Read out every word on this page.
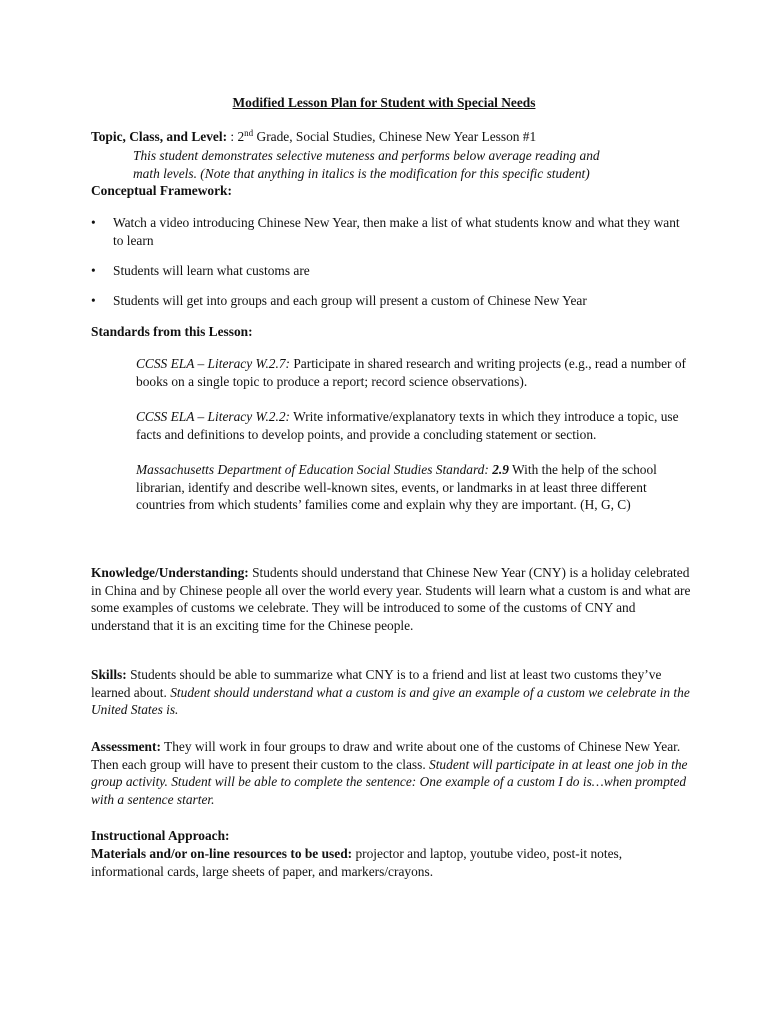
Modified Lesson Plan for Student with Special Needs
Topic, Class, and Level: : 2nd Grade, Social Studies, Chinese New Year Lesson #1
This student demonstrates selective muteness and performs below average reading and
math levels. (Note that anything in italics is the modification for this specific student)
Conceptual Framework:
• Watch a video introducing Chinese New Year, then make a list of what students know and what they want to learn
• Students will learn what customs are
• Students will get into groups and each group will present a custom of Chinese New Year
Standards from this Lesson:
CCSS ELA – Literacy W.2.7: Participate in shared research and writing projects (e.g., read a number of books on a single topic to produce a report; record science observations).
CCSS ELA – Literacy W.2.2: Write informative/explanatory texts in which they introduce a topic, use facts and definitions to develop points, and provide a concluding statement or section.
Massachusetts Department of Education Social Studies Standard: 2.9 With the help of the school librarian, identify and describe well-known sites, events, or landmarks in at least three different countries from which students’ families come and explain why they are important. (H, G, C)
Knowledge/Understanding: Students should understand that Chinese New Year (CNY) is a holiday celebrated in China and by Chinese people all over the world every year. Students will learn what a custom is and what are some examples of customs we celebrate. They will be introduced to some of the customs of CNY and understand that it is an exciting time for the Chinese people.
Skills: Students should be able to summarize what CNY is to a friend and list at least two customs they’ve learned about. Student should understand what a custom is and give an example of a custom we celebrate in the United States is.
Assessment: They will work in four groups to draw and write about one of the customs of Chinese New Year. Then each group will have to present their custom to the class. Student will participate in at least one job in the group activity. Student will be able to complete the sentence: One example of a custom I do is…when prompted with a sentence starter.
Instructional Approach:
Materials and/or on-line resources to be used: projector and laptop, youtube video, post-it notes, informational cards, large sheets of paper, and markers/crayons.
